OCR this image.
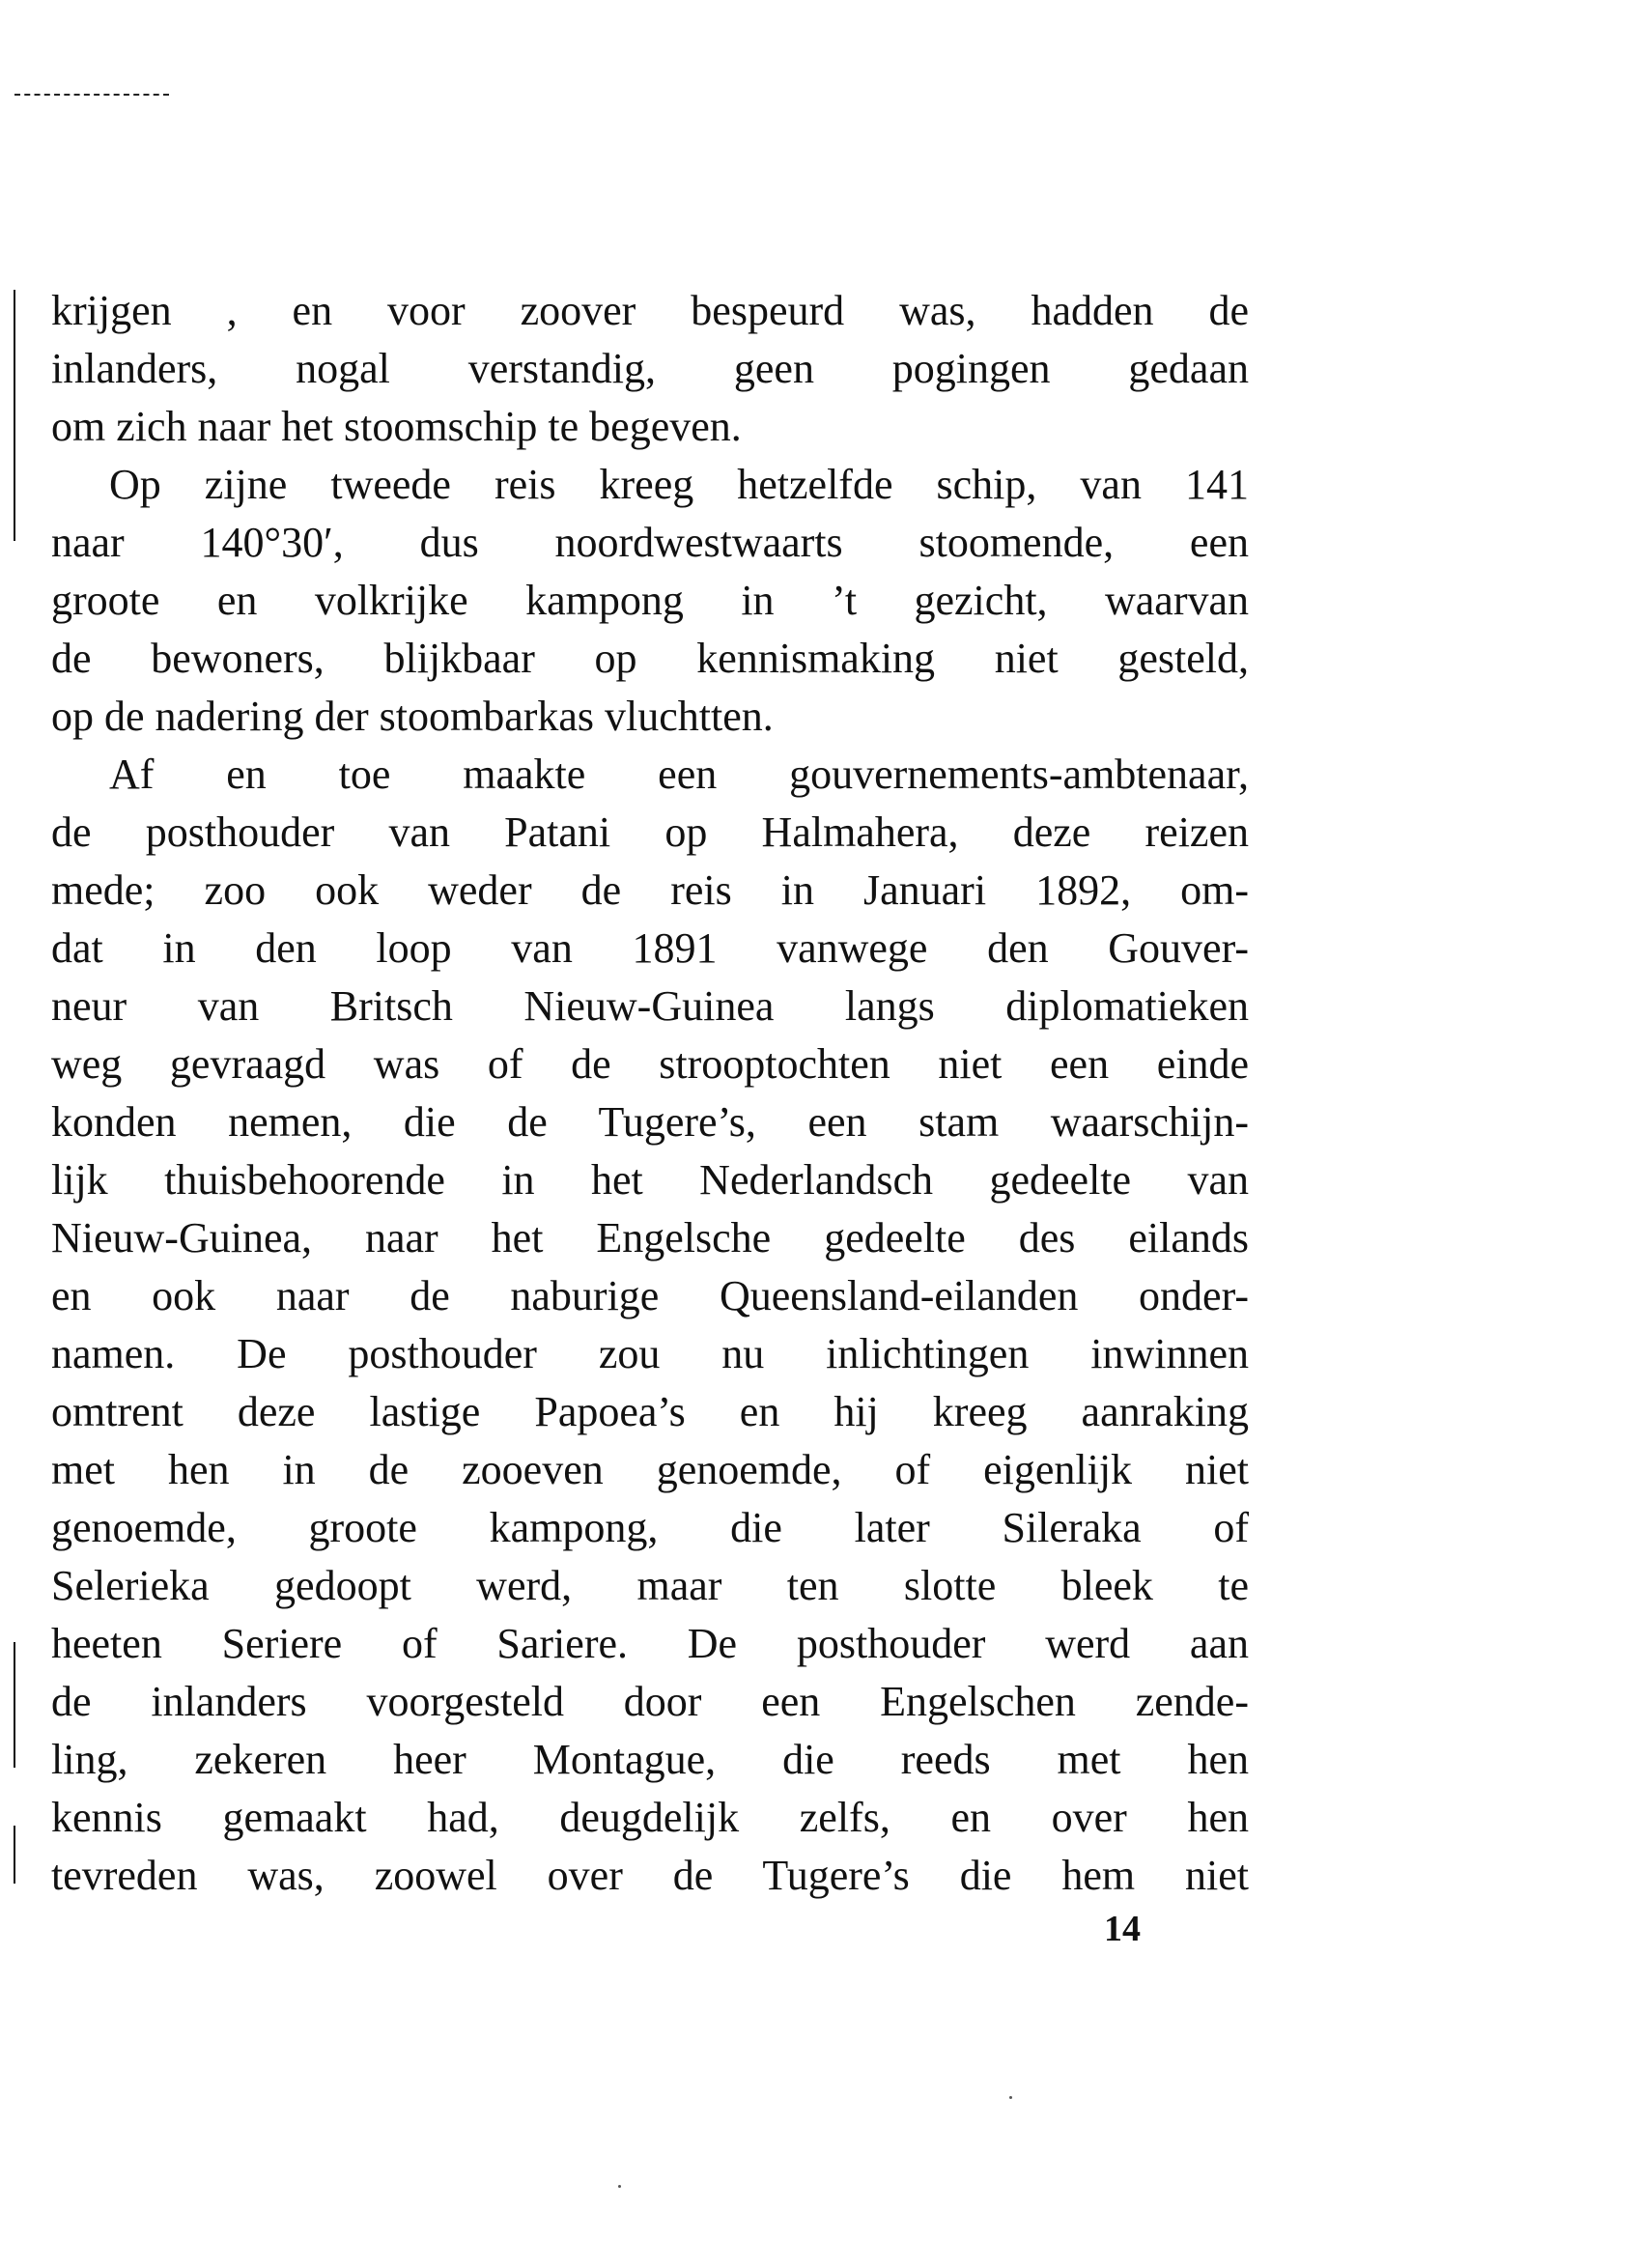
krijgen , en voor zoover bespeurd was, hadden de
inlanders, nogal verstandig, geen pogingen gedaan
om zich naar het stoomschip te begeven.
Op zijne tweede reis kreeg hetzelfde schip, van 141
naar 140°30′, dus noordwestwaarts stoomende, een
groote en volkrijke kampong in ’t gezicht, waarvan
de bewoners, blijkbaar op kennismaking niet gesteld,
op de nadering der stoombarkas vluchtten.
Af en toe maakte een gouvernements-ambtenaar,
de posthouder van Patani op Halmahera, deze reizen
mede; zoo ook weder de reis in Januari 1892, om-
dat in den loop van 1891 vanwege den Gouver-
neur van Britsch Nieuw-Guinea langs diplomatieken
weg gevraagd was of de strooptochten niet een einde
konden nemen, die de Tugere’s, een stam waarschijn-
lijk thuisbehoorende in het Nederlandsch gedeelte van
Nieuw-Guinea, naar het Engelsche gedeelte des eilands
en ook naar de naburige Queensland-eilanden onder-
namen. De posthouder zou nu inlichtingen inwinnen
omtrent deze lastige Papoea’s en hij kreeg aanraking
met hen in de zooeven genoemde, of eigenlijk niet
genoemde, groote kampong, die later Sileraka of
Selerieka gedoopt werd, maar ten slotte bleek te
heeten Seriere of Sariere. De posthouder werd aan
de inlanders voorgesteld door een Engelschen zende-
ling, zekeren heer Montague, die reeds met hen
kennis gemaakt had, deugdelijk zelfs, en over hen
tevreden was, zoowel over de Tugere’s die hem niet
14
